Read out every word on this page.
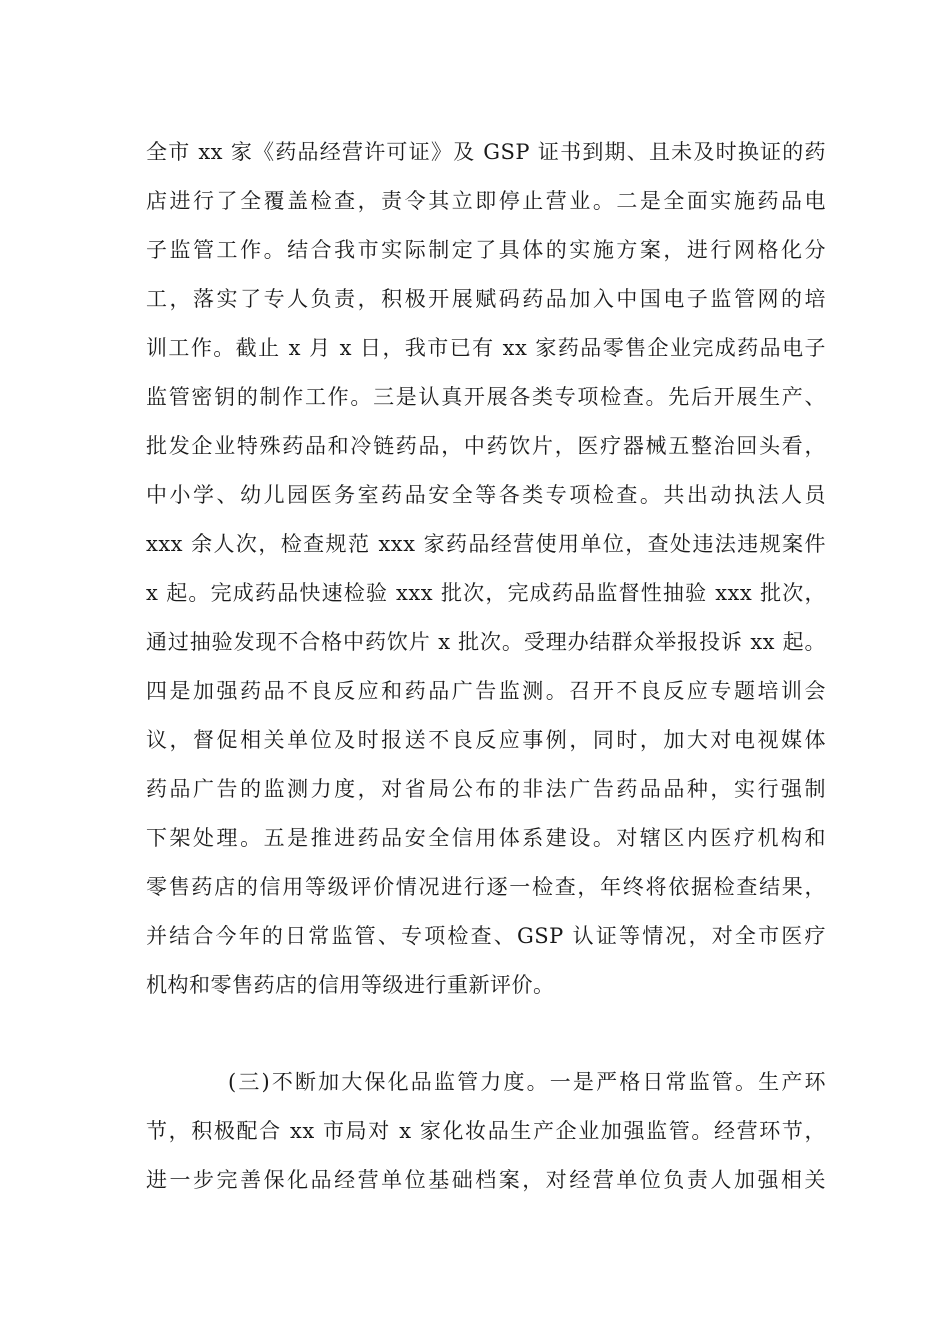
全市 xx 家《药品经营许可证》及 GSP 证书到期、且未及时换证的药
店进行了全覆盖检查，责令其立即停止营业。二是全面实施药品电
子监管工作。结合我市实际制定了具体的实施方案，进行网格化分
工，落实了专人负责，积极开展赋码药品加入中国电子监管网的培
训工作。截止 x 月 x 日，我市已有 xx 家药品零售企业完成药品电子
监管密钥的制作工作。三是认真开展各类专项检查。先后开展生产、
批发企业特殊药品和冷链药品，中药饮片，医疗器械五整治回头看，
中小学、幼儿园医务室药品安全等各类专项检查。共出动执法人员
xxx 余人次，检查规范 xxx 家药品经营使用单位，查处违法违规案件
x 起。完成药品快速检验 xxx 批次，完成药品监督性抽验 xxx 批次，
通过抽验发现不合格中药饮片 x 批次。受理办结群众举报投诉 xx 起。
四是加强药品不良反应和药品广告监测。召开不良反应专题培训会
议，督促相关单位及时报送不良反应事例，同时，加大对电视媒体
药品广告的监测力度，对省局公布的非法广告药品品种，实行强制
下架处理。五是推进药品安全信用体系建设。对辖区内医疗机构和
零售药店的信用等级评价情况进行逐一检查，年终将依据检查结果，
并结合今年的日常监管、专项检查、GSP 认证等情况，对全市医疗
机构和零售药店的信用等级进行重新评价。
(三)不断加大保化品监管力度。一是严格日常监管。生产环
节，积极配合 xx 市局对 x 家化妆品生产企业加强监管。经营环节，
进一步完善保化品经营单位基础档案，对经营单位负责人加强相关
